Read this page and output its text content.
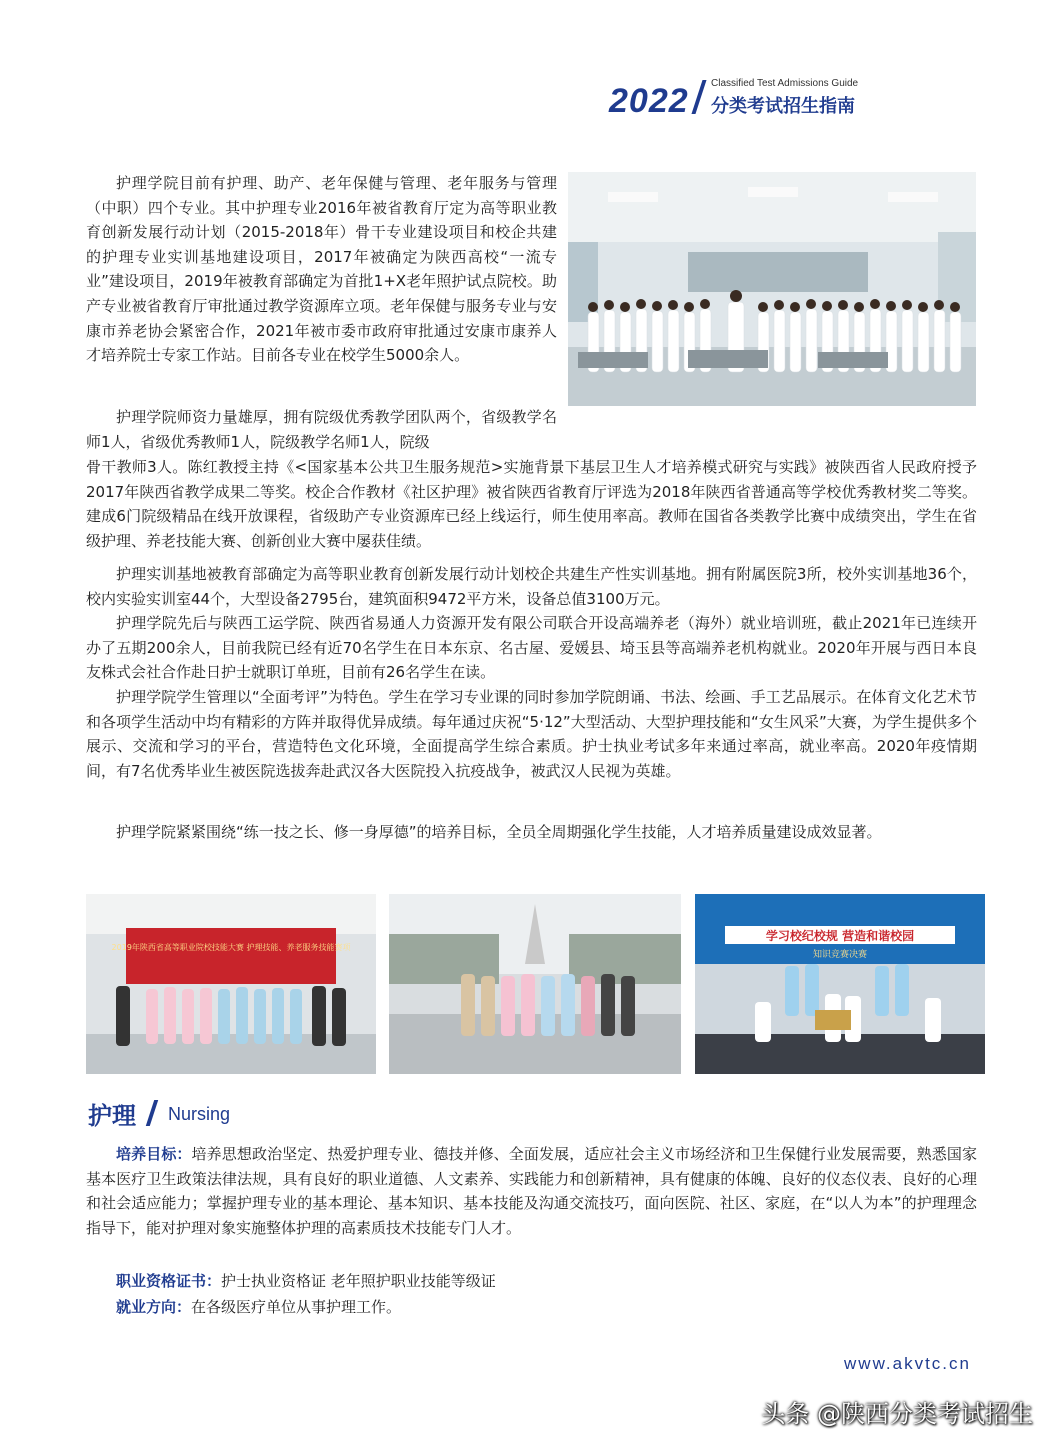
2022 Classified Test Admissions Guide
分类考试招生指南

护理学院目前有护理、助产、老年保健与管理、老年服务与管理（中职）四个专业。其中护理专业2016年被省教育厅定为高等职业教育创新发展行动计划（2015-2018年）骨干专业建设项目和校企共建的护理专业实训基地建设项目，2017年被确定为陕西高校“一流专业”建设项目，2019年被教育部确定为首批1+X老年照护试点院校。助产专业被省教育厅审批通过教学资源库立项。老年保健与服务专业与安康市养老协会紧密合作，2021年被市委市政府审批通过安康市康养人才培养院士专家工作站。目前各专业在校学生5000余人。

护理学院师资力量雄厚，拥有院级优秀教学团队两个，省级教学名师1人，省级优秀教师1人，院级教学名师1人，院级

骨干教师3人。陈红教授主持《<国家基本公共卫生服务规范>实施背景下基层卫生人才培养模式研究与实践》被陕西省人民政府授予2017年陕西省教学成果二等奖。校企合作教材《社区护理》被省陕西省教育厅评选为2018年陕西省普通高等学校优秀教材奖二等奖。建成6门院级精品在线开放课程，省级助产专业资源库已经上线运行，师生使用率高。教师在国省各类教学比赛中成绩突出，学生在省级护理、养老技能大赛、创新创业大赛中屡获佳绩。

护理实训基地被教育部确定为高等职业教育创新发展行动计划校企共建生产性实训基地。拥有附属医院3所，校外实训基地36个，校内实验实训室44个，大型设备2795台，建筑面积9472平方米，设备总值3100万元。

护理学院先后与陕西工运学院、陕西省易通人力资源开发有限公司联合开设高端养老（海外）就业培训班，截止2021年已连续开办了五期200余人，目前我院已经有近70名学生在日本东京、名古屋、爱媛县、埼玉县等高端养老机构就业。2020年开展与西日本良友株式会社合作赴日护士就职订单班，目前有26名学生在读。

护理学院学生管理以“全面考评”为特色。学生在学习专业课的同时参加学院朗诵、书法、绘画、手工艺品展示。在体育文化艺术节和各项学生活动中均有精彩的方阵并取得优异成绩。每年通过庆祝“5·12”大型活动、大型护理技能和“女生风采”大赛，为学生提供多个展示、交流和学习的平台，营造特色文化环境，全面提高学生综合素质。护士执业考试多年来通过率高，就业率高。2020年疫情期间，有7名优秀毕业生被医院选拔奔赴武汉各大医院投入抗疫战争，被武汉人民视为英雄。

护理学院紧紧围绕“练一技之长、修一身厚德”的培养目标，全员全周期强化学生技能，人才培养质量建设成效显著。

2019年陕西省高等职业院校技能大赛 护理技能、养老服务技能赛项
学习校纪校规 营造和谐校园
知识竞赛决赛
护理 Nursing

培养目标：培养思想政治坚定、热爱护理专业、德技并修、全面发展，适应社会主义市场经济和卫生保健行业发展需要，熟悉国家基本医疗卫生政策法律法规，具有良好的职业道德、人文素养、实践能力和创新精神，具有健康的体魄、良好的仪态仪表、良好的心理和社会适应能力；掌握护理专业的基本理论、基本知识、基本技能及沟通交流技巧，面向医院、社区、家庭，在“以人为本”的护理理念指导下，能对护理对象实施整体护理的高素质技术技能专门人才。

职业资格证书：护士执业资格证 老年照护职业技能等级证

就业方向：在各级医疗单位从事护理工作。

www.akvtc.cn
头条 @陕西分类考试招生
